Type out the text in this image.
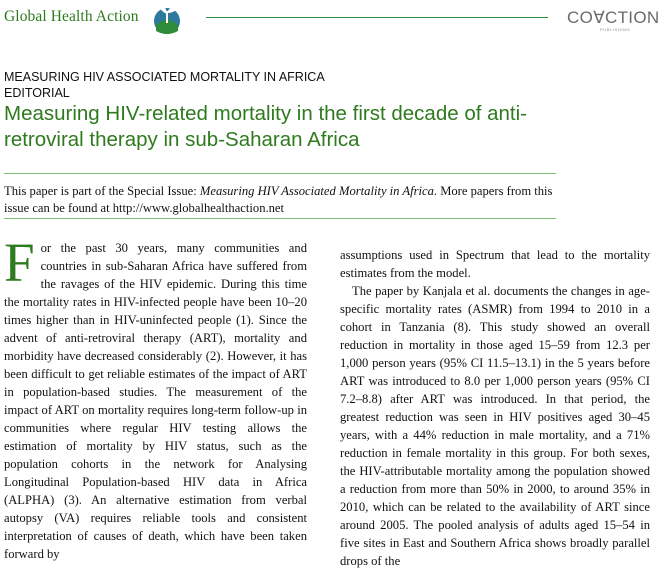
Global Health Action	COⱯCTION
PUBLISHING
MEASURING HIV ASSOCIATED MORTALITY IN AFRICA
EDITORIAL
Measuring HIV-related mortality in the first decade of anti-retroviral therapy in sub-Saharan Africa
This paper is part of the Special Issue: Measuring HIV Associated Mortality in Africa. More papers from this issue can be found at http://www.globalhealthaction.net

F or the past 30 years, many communities and countries in sub-Saharan Africa have suffered from the ravages of the HIV epidemic. During this time the mortality rates in HIV-infected people have been 10–20 times higher than in HIV-uninfected people (1). Since the advent of anti-retroviral therapy (ART), mortality and morbidity have decreased considerably (2). However, it has been difficult to get reliable estimates of the impact of ART in population-based studies. The measurement of the impact of ART on mortality requires long-term follow-up in communities where regular HIV testing allows the estimation of mortality by HIV status, such as the population cohorts in the network for Analysing Longitudinal Population-based HIV data in Africa (ALPHA) (3). An alternative estimation from verbal autopsy (VA) requires reliable tools and consistent interpretation of causes of death, which have been taken forward by

assumptions used in Spectrum that lead to the mortality estimates from the model.

The paper by Kanjala et al. documents the changes in age-specific mortality rates (ASMR) from 1994 to 2010 in a cohort in Tanzania (8). This study showed an overall reduction in mortality in those aged 15–59 from 12.3 per 1,000 person years (95% CI 11.5–13.1) in the 5 years before ART was introduced to 8.0 per 1,000 person years (95% CI 7.2–8.8) after ART was introduced. In that period, the greatest reduction was seen in HIV positives aged 30–45 years, with a 44% reduction in male mortality, and a 71% reduction in female mortality in this group. For both sexes, the HIV-attributable mortality among the population showed a reduction from more than 50% in 2000, to around 35% in 2010, which can be related to the availability of ART since around 2005. The pooled analysis of adults aged 15–54 in five sites in East and Southern Africa shows broadly parallel drops of the
